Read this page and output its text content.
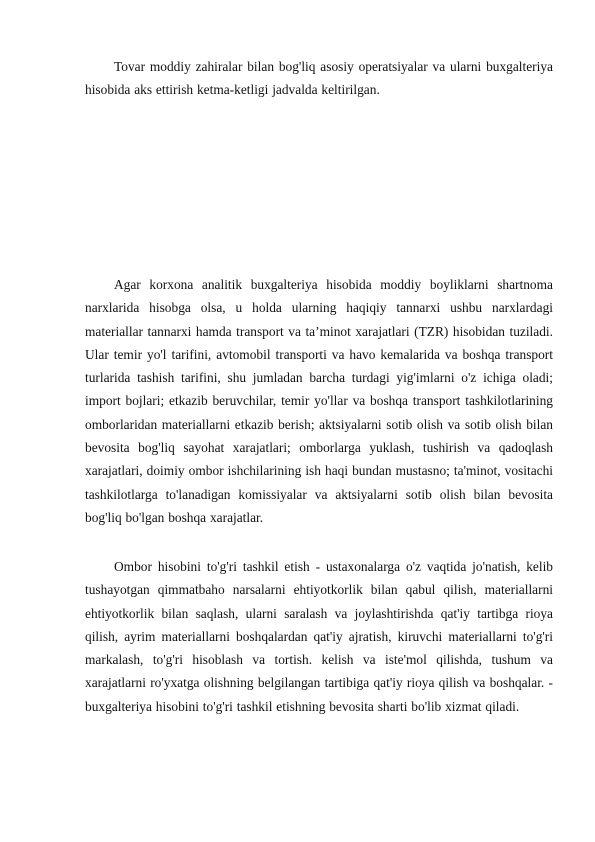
Tovar moddiy zahiralar bilan bog'liq asosiy operatsiyalar va ularni buxgalteriya hisobida aks ettirish ketma-ketligi jadvalda keltirilgan.

Agar korxona analitik buxgalteriya hisobida moddiy boyliklarni shartnoma narxlarida hisobga olsa, u holda ularning haqiqiy tannarxi ushbu narxlardagi materiallar tannarxi hamda transport va ta’minot xarajatlari (TZR) hisobidan tuziladi. Ular temir yo'l tarifini, avtomobil transporti va havo kemalarida va boshqa transport turlarida tashish tarifini, shu jumladan barcha turdagi yig'imlarni o'z ichiga oladi; import bojlari; etkazib beruvchilar, temir yo'llar va boshqa transport tashkilotlarining omborlaridan materiallarni etkazib berish; aktsiyalarni sotib olish va sotib olish bilan bevosita bog'liq sayohat xarajatlari; omborlarga yuklash, tushirish va qadoqlash xarajatlari, doimiy ombor ishchilarining ish haqi bundan mustasno; ta'minot, vositachi tashkilotlarga to'lanadigan komissiyalar va aktsiyalarni sotib olish bilan bevosita bog'liq bo'lgan boshqa xarajatlar.

Ombor hisobini to'g'ri tashkil etish - ustaxonalarga o'z vaqtida jo'natish, kelib tushayotgan qimmatbaho narsalarni ehtiyotkorlik bilan qabul qilish, materiallarni ehtiyotkorlik bilan saqlash, ularni saralash va joylashtirishda qat'iy tartibga rioya qilish, ayrim materiallarni boshqalardan qat'iy ajratish, kiruvchi materiallarni to'g'ri markalash, to'g'ri hisoblash va tortish. kelish va iste'mol qilishda, tushum va xarajatlarni ro'yxatga olishning belgilangan tartibiga qat'iy rioya qilish va boshqalar. - buxgalteriya hisobini to'g'ri tashkil etishning bevosita sharti bo'lib xizmat qiladi.
